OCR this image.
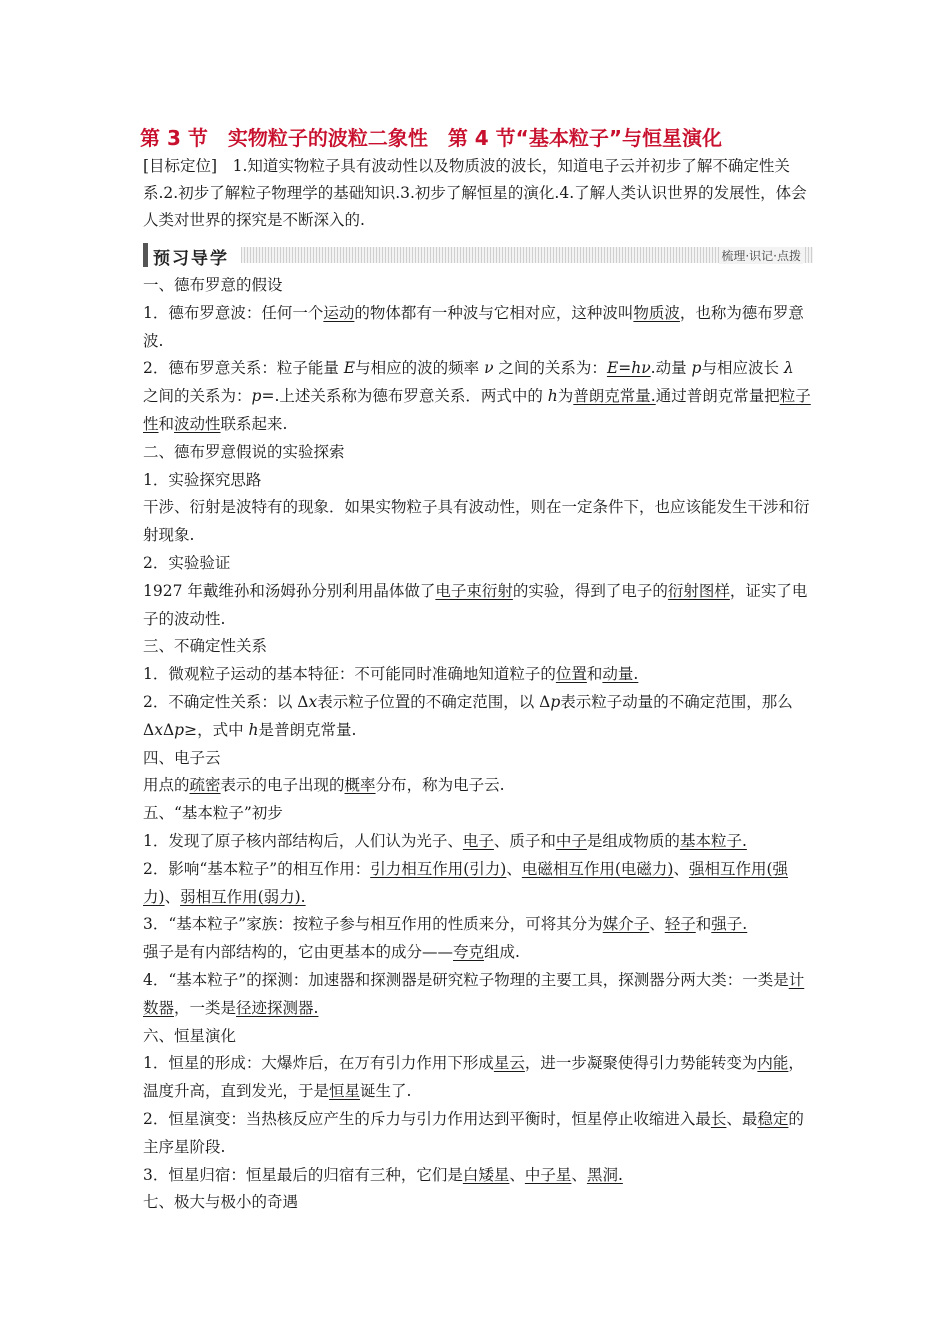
第 3 节　实物粒子的波粒二象性　第 4 节“基本粒子”与恒星演化
[目标定位]　1.知道实物粒子具有波动性以及物质波的波长，知道电子云并初步了解不确定性关系.2.初步了解粒子物理学的基础知识.3.初步了解恒星的演化.4.了解人类认识世界的发展性，体会人类对世界的探究是不断深入的.
预习导学	梳理·识记·点拨

一、德布罗意的假设

1．德布罗意波：任何一个运动的物体都有一种波与它相对应，这种波叫物质波，也称为德布罗意波.

2．德布罗意关系：粒子能量 E与相应的波的频率 ν 之间的关系为：E=hν.动量 p与相应波长 λ 之间的关系为：p=.上述关系称为德布罗意关系．两式中的 h为普朗克常量.通过普朗克常量把粒子性和波动性联系起来.

二、德布罗意假说的实验探索

1．实验探究思路

干涉、衍射是波特有的现象．如果实物粒子具有波动性，则在一定条件下，也应该能发生干涉和衍射现象.

2．实验验证

1927 年戴维孙和汤姆孙分别利用晶体做了电子束衍射的实验，得到了电子的衍射图样，证实了电子的波动性.

三、不确定性关系

1．微观粒子运动的基本特征：不可能同时准确地知道粒子的位置和动量.

2．不确定性关系：以 Δx表示粒子位置的不确定范围，以 Δp表示粒子动量的不确定范围，那么 ΔxΔp≥，式中 h是普朗克常量.

四、电子云

用点的疏密表示的电子出现的概率分布，称为电子云.

五、“基本粒子”初步

1．发现了原子核内部结构后，人们认为光子、电子、质子和中子是组成物质的基本粒子.

2．影响“基本粒子”的相互作用：引力相互作用(引力)、电磁相互作用(电磁力)、强相互作用(强力)、弱相互作用(弱力).

3．“基本粒子”家族：按粒子参与相互作用的性质来分，可将其分为媒介子、轻子和强子.
强子是有内部结构的，它由更基本的成分——夸克组成.

4．“基本粒子”的探测：加速器和探测器是研究粒子物理的主要工具，探测器分两大类：一类是计数器，一类是径迹探测器.

六、恒星演化

1．恒星的形成：大爆炸后，在万有引力作用下形成星云，进一步凝聚使得引力势能转变为内能，温度升高，直到发光，于是恒星诞生了.

2．恒星演变：当热核反应产生的斥力与引力作用达到平衡时，恒星停止收缩进入最长、最稳定的主序星阶段.

3．恒星归宿：恒星最后的归宿有三种，它们是白矮星、中子星、黑洞.

七、极大与极小的奇遇
